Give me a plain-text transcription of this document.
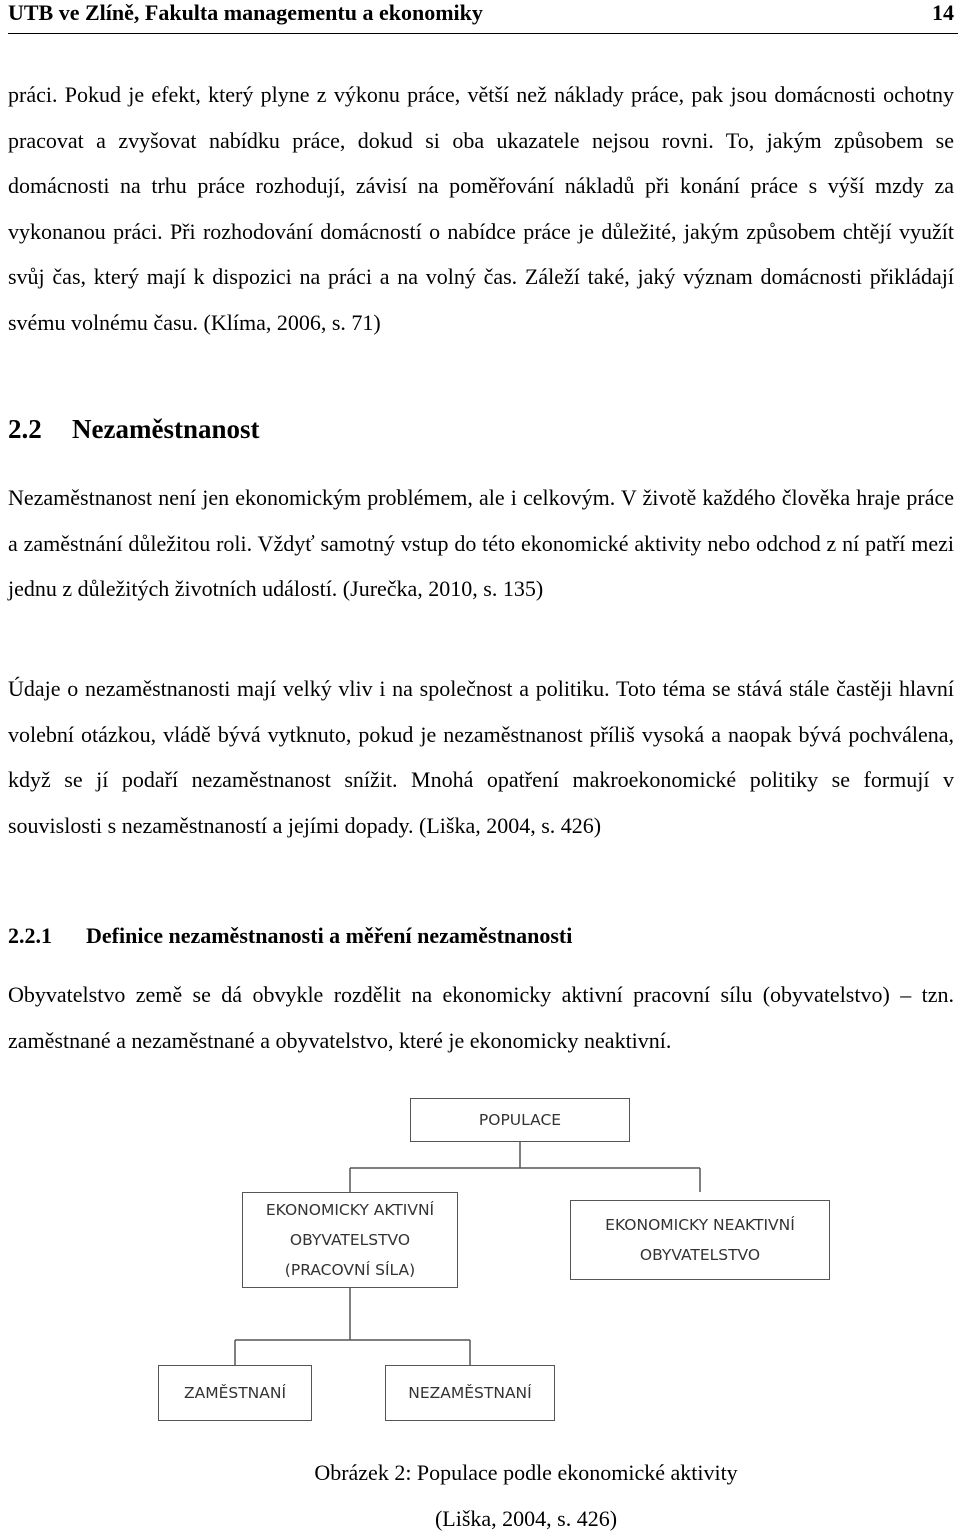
UTB ve Zlíně, Fakulta managementu a ekonomiky	14

práci. Pokud je efekt, který plyne z výkonu práce, větší než náklady práce, pak jsou domácnosti ochotny pracovat a zvyšovat nabídku práce, dokud si oba ukazatele nejsou rovni. To, jakým způsobem se domácnosti na trhu práce rozhodují, závisí na poměřování nákladů při konání práce s výší mzdy za vykonanou práci. Při rozhodování domácností o nabídce práce je důležité, jakým způsobem chtějí využít svůj čas, který mají k dispozici na práci a na volný čas. Záleží také, jaký význam domácnosti přikládají svému volnému času. (Klíma, 2006, s. 71)

2.2 Nezaměstnanost

Nezaměstnanost není jen ekonomickým problémem, ale i celkovým. V životě každého člověka hraje práce a zaměstnání důležitou roli. Vždyť samotný vstup do této ekonomické aktivity nebo odchod z ní patří mezi jednu z důležitých životních událostí. (Jurečka, 2010, s. 135)

Údaje o nezaměstnanosti mají velký vliv i na společnost a politiku. Toto téma se stává stále častěji hlavní volební otázkou, vládě bývá vytknuto, pokud je nezaměstnanost příliš vysoká a naopak bývá pochválena, když se jí podaří nezaměstnanost snížit. Mnohá opatření makroekonomické politiky se formují v souvislosti s nezaměstnaností a jejími dopady. (Liška, 2004, s. 426)

2.2.1 Definice nezaměstnanosti a měření nezaměstnanosti

Obyvatelstvo země se dá obvykle rozdělit na ekonomicky aktivní pracovní sílu (obyvatelstvo) – tzn. zaměstnané a nezaměstnané a obyvatelstvo, které je ekonomicky neaktivní.

POPULACE
EKONOMICKY AKTIVNÍ
OBYVATELSTVO
(PRACOVNÍ SÍLA)
EKONOMICKY NEAKTIVNÍ
OBYVATELSTVO
ZAMĚSTNANÍ	NEZAMĚSTNANÍ

Obrázek 2: Populace podle ekonomické aktivity

(Liška, 2004, s. 426)
